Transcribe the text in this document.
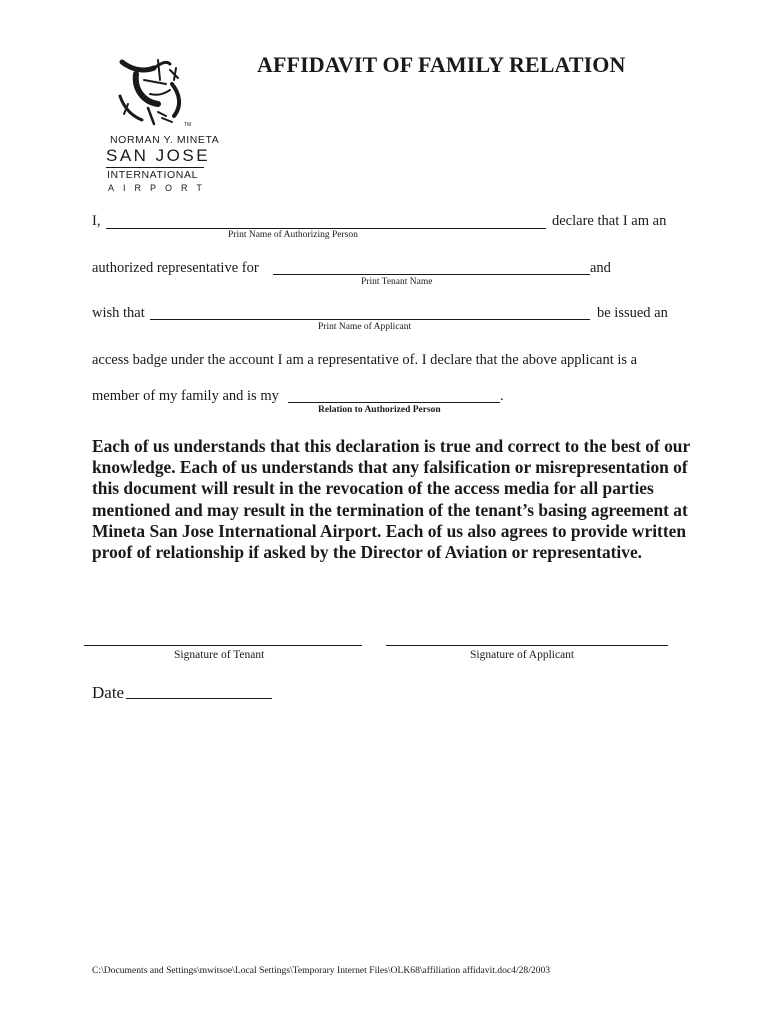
TM
NORMAN Y. MINETA
SAN JOSE
INTERNATIONAL
AIRPORT
AFFIDAVIT OF FAMILY RELATION
I,	declare that I am an
Print Name of Authorizing Person
authorized representative for	and
Print Tenant Name
wish that	be issued an
Print Name of Applicant
access badge under the account I am a representative of. I declare that the above applicant is a
member of my family and is my	.
Relation to Authorized Person

Each of us understands that this declaration is true and correct to the best of our knowledge. Each of us understands that any falsification or misrepresentation of this document will result in the revocation of the access media for all parties mentioned and may result in the termination of the tenant’s basing agreement at Mineta San Jose International Airport. Each of us also agrees to provide written proof of relationship if asked by the Director of Aviation or representative.

Signature of Tenant	Signature of Applicant
Date
C:\Documents and Settings\mwitsoe\Local Settings\Temporary Internet Files\OLK68\affiliation affidavit.doc4/28/2003
